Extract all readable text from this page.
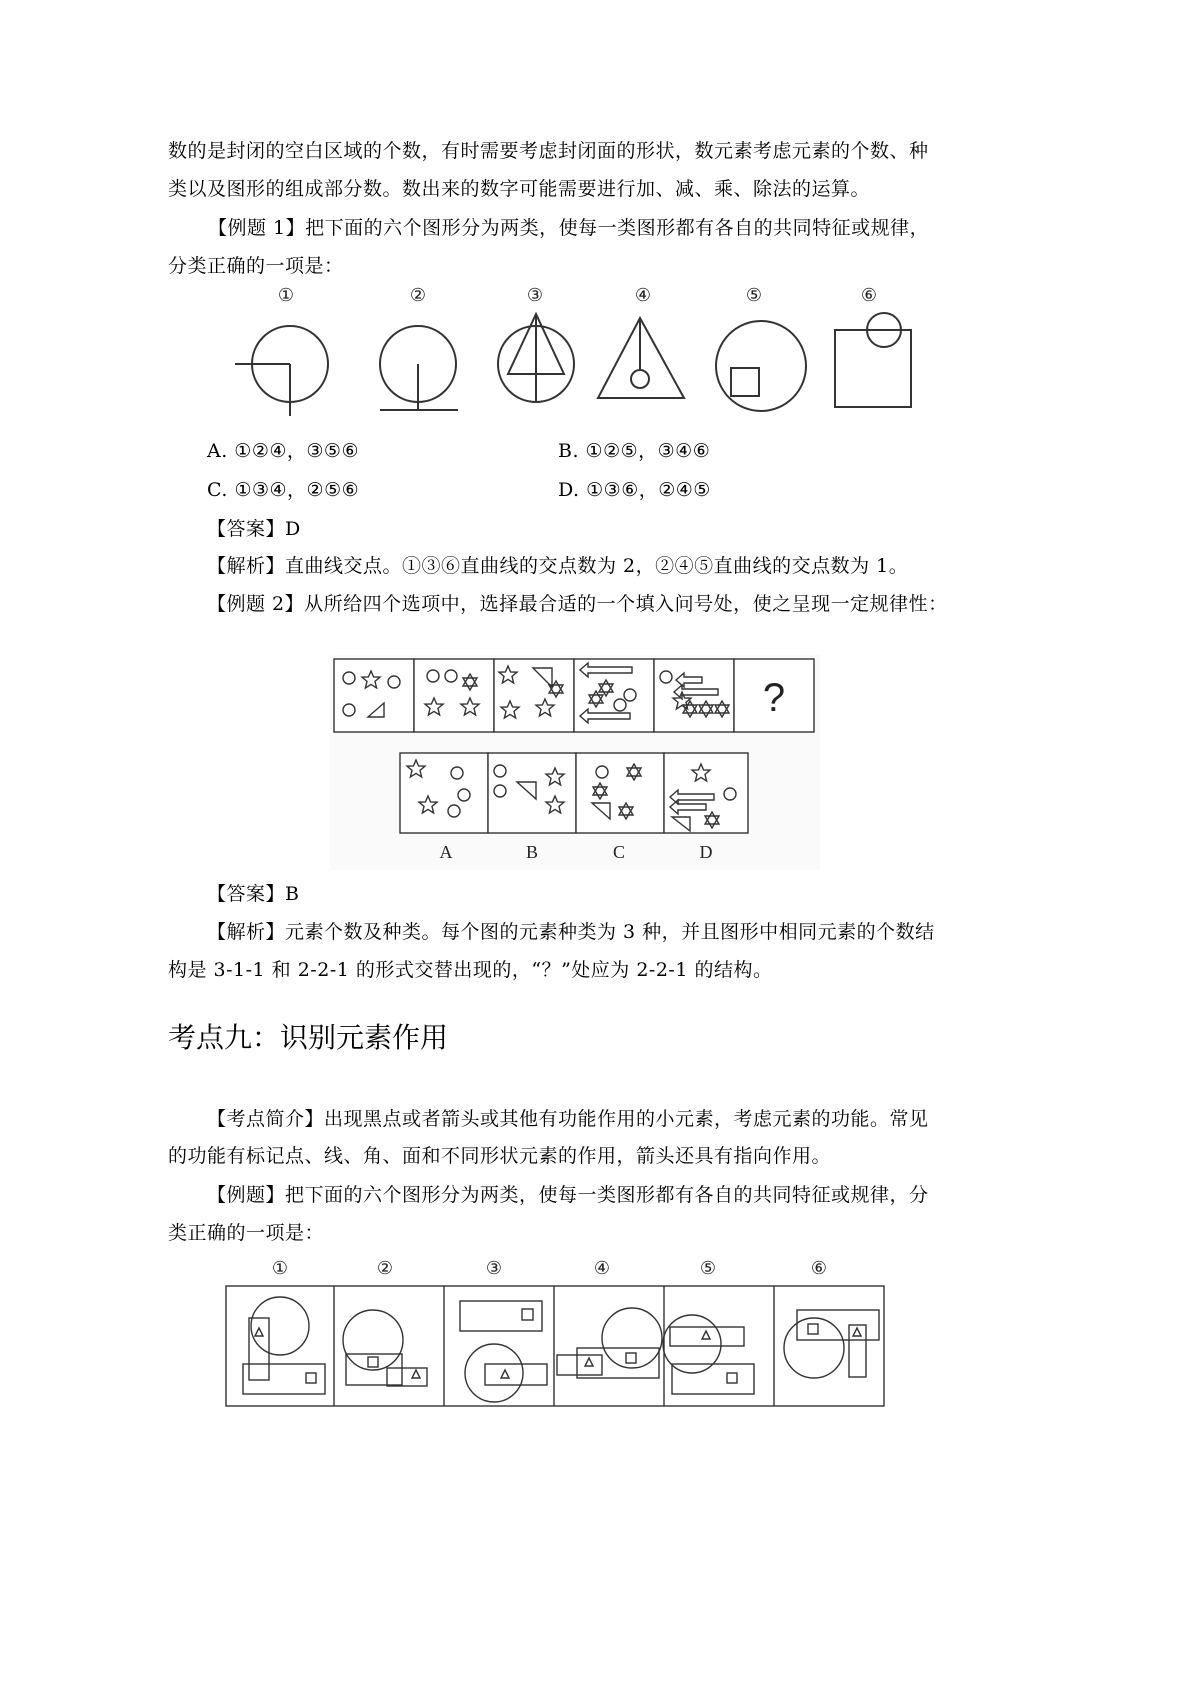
数的是封闭的空白区域的个数，有时需要考虑封闭面的形状，数元素考虑元素的个数、种
类以及图形的组成部分数。数出来的数字可能需要进行加、减、乘、除法的运算。
【例题 1】把下面的六个图形分为两类，使每一类图形都有各自的共同特征或规律，
分类正确的一项是：
①	②	③	④	⑤	⑥
A. ①②④，③⑤⑥	B. ①②⑤，③④⑥
C. ①③④，②⑤⑥	D. ①③⑥，②④⑤
【答案】D
【解析】直曲线交点。①③⑥直曲线的交点数为 2，②④⑤直曲线的交点数为 1。
【例题 2】从所给四个选项中，选择最合适的一个填入问号处，使之呈现一定规律性：
?
A	B	C	D
【答案】B
【解析】元素个数及种类。每个图的元素种类为 3 种，并且图形中相同元素的个数结
构是 3-1-1 和 2-2-1 的形式交替出现的，“？”处应为 2-2-1 的结构。
考点九：识别元素作用
【考点简介】出现黑点或者箭头或其他有功能作用的小元素，考虑元素的功能。常见
的功能有标记点、线、角、面和不同形状元素的作用，箭头还具有指向作用。
【例题】把下面的六个图形分为两类，使每一类图形都有各自的共同特征或规律，分
类正确的一项是：
①	②	③	④	⑤	⑥
